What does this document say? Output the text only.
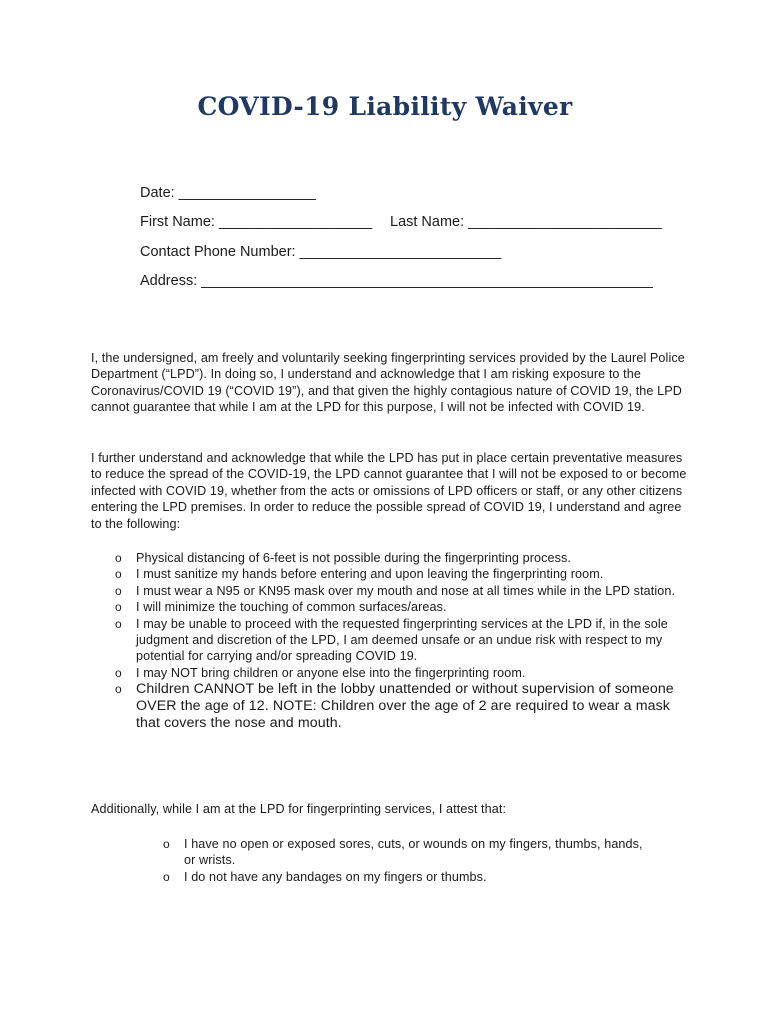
COVID-19 Liability Waiver
Date: _________________
First Name: ___________________ Last Name: ________________________
Contact Phone Number: _________________________
Address: ________________________________________________________

I, the undersigned, am freely and voluntarily seeking fingerprinting services provided by the Laurel Police Department (“LPD”). In doing so, I understand and acknowledge that I am risking exposure to the Coronavirus/COVID 19 (“COVID 19”), and that given the highly contagious nature of COVID 19, the LPD cannot guarantee that while I am at the LPD for this purpose, I will not be infected with COVID 19.

I further understand and acknowledge that while the LPD has put in place certain preventative measures to reduce the spread of the COVID-19, the LPD cannot guarantee that I will not be exposed to or become infected with COVID 19, whether from the acts or omissions of LPD officers or staff, or any other citizens entering the LPD premises. In order to reduce the possible spread of COVID 19, I understand and agree to the following:

o Physical distancing of 6-feet is not possible during the fingerprinting process.
o I must sanitize my hands before entering and upon leaving the fingerprinting room.
o I must wear a N95 or KN95 mask over my mouth and nose at all times while in the LPD station.
o I will minimize the touching of common surfaces/areas.
o I may be unable to proceed with the requested fingerprinting services at the LPD if, in the sole judgment and discretion of the LPD, I am deemed unsafe or an undue risk with respect to my potential for carrying and/or spreading COVID 19.
o I may NOT bring children or anyone else into the fingerprinting room.
o Children CANNOT be left in the lobby unattended or without supervision of someone OVER the age of 12. NOTE: Children over the age of 2 are required to wear a mask that covers the nose and mouth.

Additionally, while I am at the LPD for fingerprinting services, I attest that:

o I have no open or exposed sores, cuts, or wounds on my fingers, thumbs, hands, or wrists.
o I do not have any bandages on my fingers or thumbs.
